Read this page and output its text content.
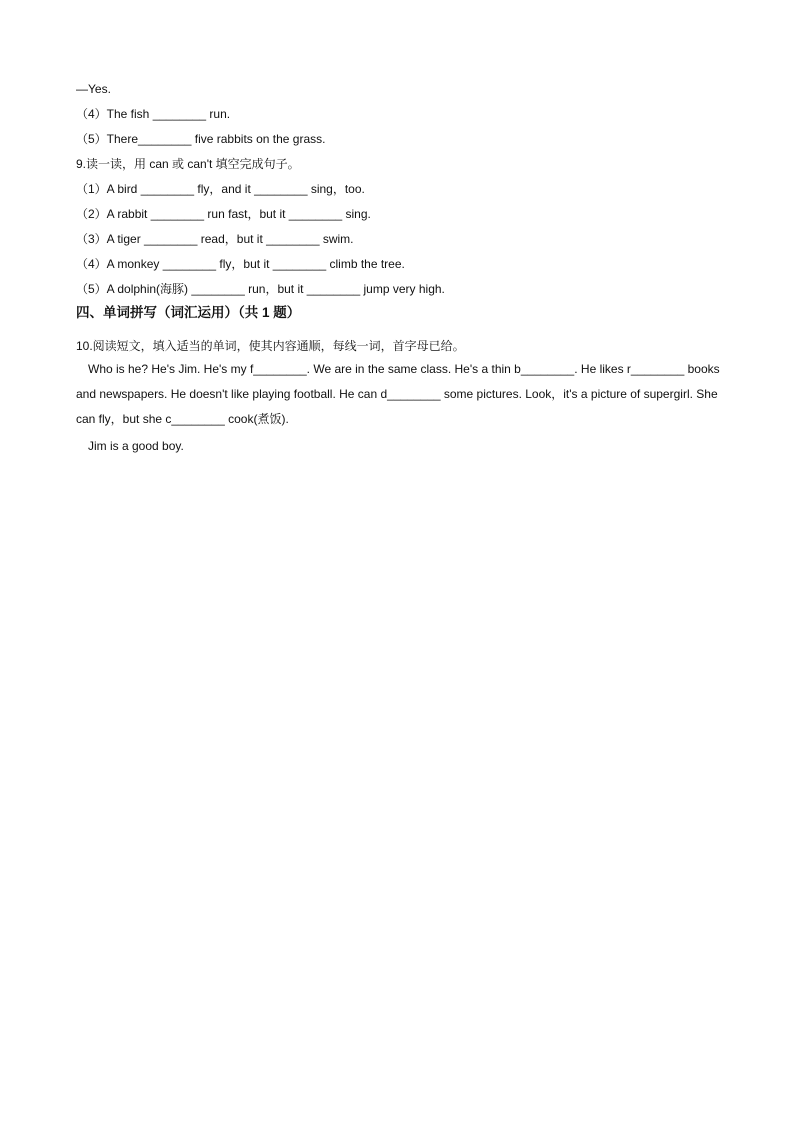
—Yes.
（4）The fish ________ run.
（5）There________ five rabbits on the grass.
9.读一读，用 can 或 can't 填空完成句子。
（1）A bird ________ fly，and it ________ sing，too.
（2）A rabbit ________ run fast，but it ________ sing.
（3）A tiger ________ read，but it ________ swim.
（4）A monkey ________ fly，but it ________ climb the tree.
（5）A dolphin(海豚) ________ run，but it ________ jump very high.
四、单词拼写（词汇运用）（共 1 题）
10.阅读短文，填入适当的单词，使其内容通顺，每线一词，首字母已给。
Who is he? He's Jim. He's my f________. We are in the same class. He's a thin b________. He likes r________ books and newspapers. He doesn't like playing football. He can d________ some pictures. Look，it's a picture of supergirl. She can fly，but she c________ cook(煮饭).
Jim is a good boy.
